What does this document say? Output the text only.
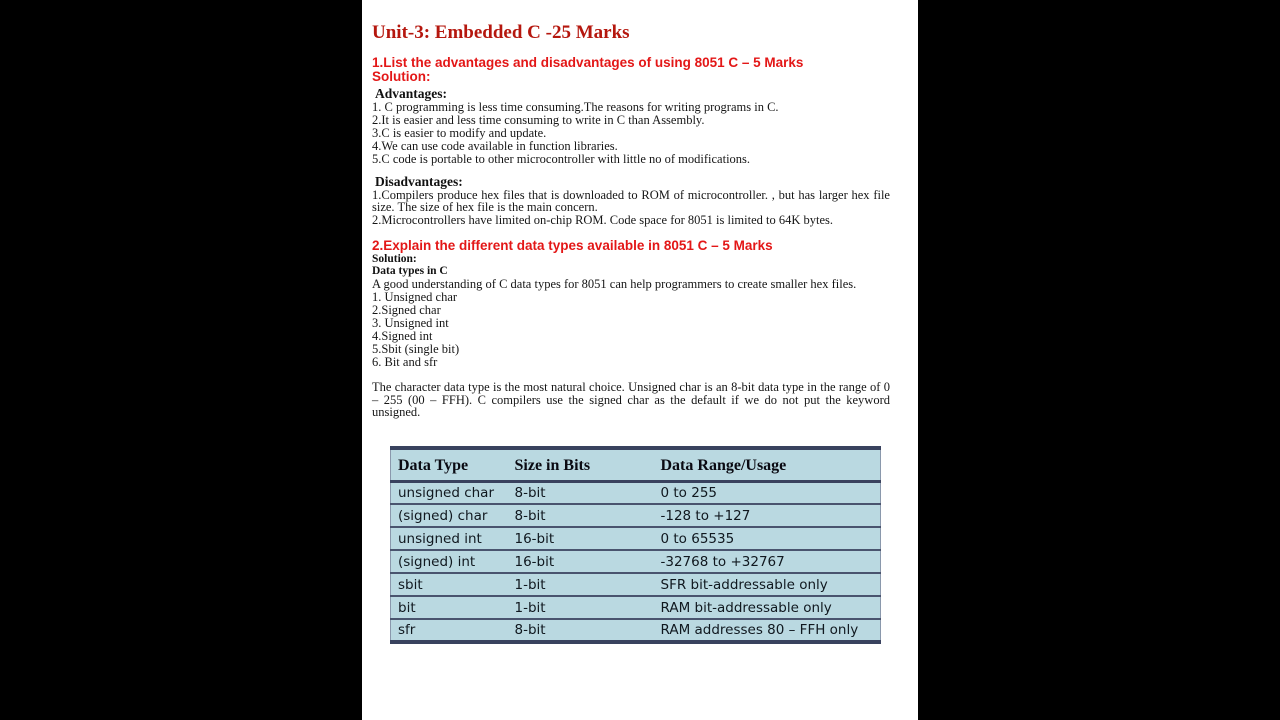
Unit-3: Embedded C -25 Marks
1.List the advantages and disadvantages of using 8051 C – 5 Marks
Solution:
Advantages:
1. C programming is less time consuming.The reasons for writing programs in C.
2.It is easier and less time consuming to write in C than Assembly.
3.C is easier to modify and update.
4.We can use code available in function libraries.
5.C code is portable to other microcontroller with little no of modifications.
Disadvantages:
1.Compilers produce hex files that is downloaded to ROM of microcontroller. , but has larger hex file size. The size of hex file is the main concern.
2.Microcontrollers have limited on-chip ROM. Code space for 8051 is limited to 64K bytes.
2.Explain the different data types available in 8051 C – 5 Marks
Solution:
Data types in C
A good understanding of C data types for 8051 can help programmers to create smaller hex files.
1. Unsigned char
2.Signed char
3. Unsigned int
4.Signed int
5.Sbit (single bit)
6. Bit and sfr
The character data type is the most natural choice. Unsigned char is an 8-bit data type in the range of 0 – 255 (00 – FFH). C compilers use the signed char as the default if we do not put the keyword unsigned.
Data Type	Size in Bits	Data Range/Usage
unsigned char	8-bit	0 to 255
(signed) char	8-bit	-128 to +127
unsigned int	16-bit	0 to 65535
(signed) int	16-bit	-32768 to +32767
sbit	1-bit	SFR bit-addressable only
bit	1-bit	RAM bit-addressable only
sfr	8-bit	RAM addresses 80 – FFH only
